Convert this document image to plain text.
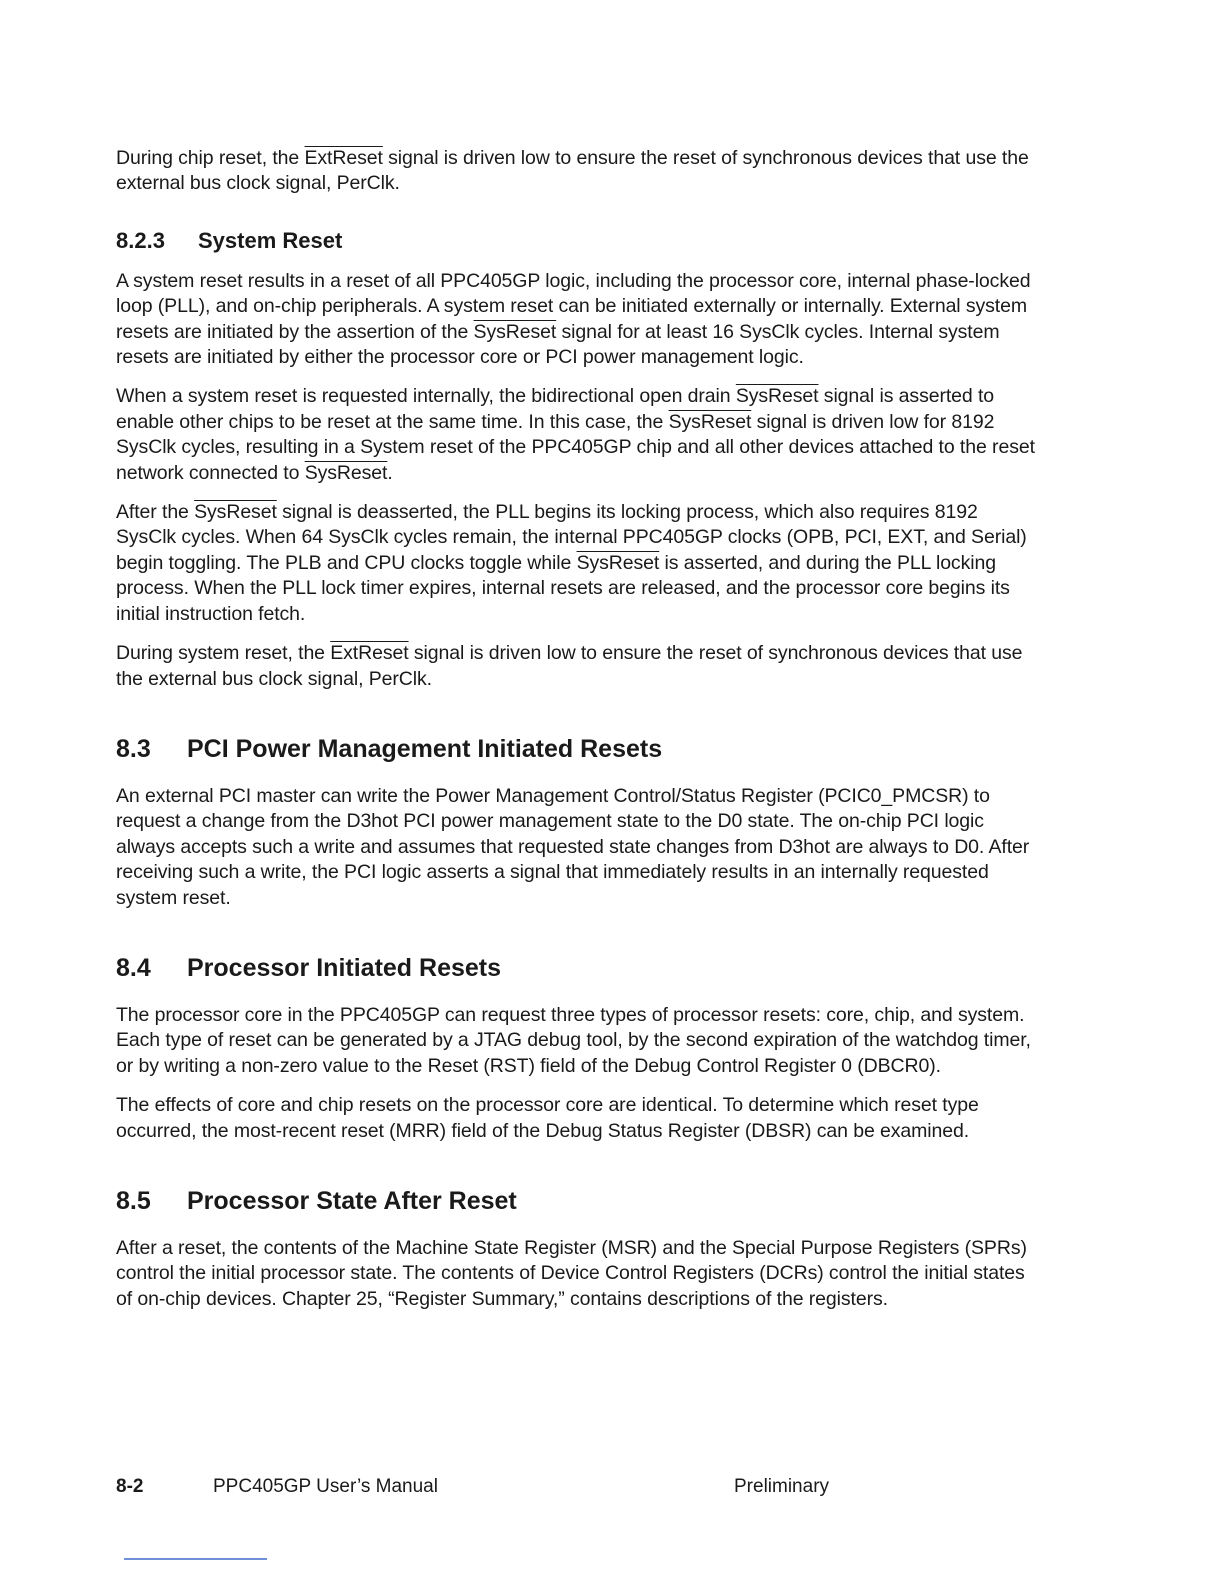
During chip reset, the ExtReset signal is driven low to ensure the reset of synchronous devices that use the external bus clock signal, PerClk.

8.2.3 System Reset

A system reset results in a reset of all PPC405GP logic, including the processor core, internal phase-locked loop (PLL), and on-chip peripherals. A system reset can be initiated externally or internally. External system resets are initiated by the assertion of the SysReset signal for at least 16 SysClk cycles. Internal system resets are initiated by either the processor core or PCI power management logic.

When a system reset is requested internally, the bidirectional open drain SysReset signal is asserted to enable other chips to be reset at the same time. In this case, the SysReset signal is driven low for 8192 SysClk cycles, resulting in a System reset of the PPC405GP chip and all other devices attached to the reset network connected to SysReset.

After the SysReset signal is deasserted, the PLL begins its locking process, which also requires 8192 SysClk cycles. When 64 SysClk cycles remain, the internal PPC405GP clocks (OPB, PCI, EXT, and Serial) begin toggling. The PLB and CPU clocks toggle while SysReset is asserted, and during the PLL locking process. When the PLL lock timer expires, internal resets are released, and the processor core begins its initial instruction fetch.

During system reset, the ExtReset signal is driven low to ensure the reset of synchronous devices that use the external bus clock signal, PerClk.

8.3 PCI Power Management Initiated Resets

An external PCI master can write the Power Management Control/Status Register (PCIC0_PMCSR) to request a change from the D3hot PCI power management state to the D0 state. The on-chip PCI logic always accepts such a write and assumes that requested state changes from D3hot are always to D0. After receiving such a write, the PCI logic asserts a signal that immediately results in an internally requested system reset.

8.4 Processor Initiated Resets

The processor core in the PPC405GP can request three types of processor resets: core, chip, and system. Each type of reset can be generated by a JTAG debug tool, by the second expiration of the watchdog timer, or by writing a non-zero value to the Reset (RST) field of the Debug Control Register 0 (DBCR0).

The effects of core and chip resets on the processor core are identical. To determine which reset type occurred, the most-recent reset (MRR) field of the Debug Status Register (DBSR) can be examined.

8.5 Processor State After Reset

After a reset, the contents of the Machine State Register (MSR) and the Special Purpose Registers (SPRs) control the initial processor state. The contents of Device Control Registers (DCRs) control the initial states of on-chip devices. Chapter 25, “Register Summary,” contains descriptions of the registers.

8-2	PPC405GP User’s Manual	Preliminary
